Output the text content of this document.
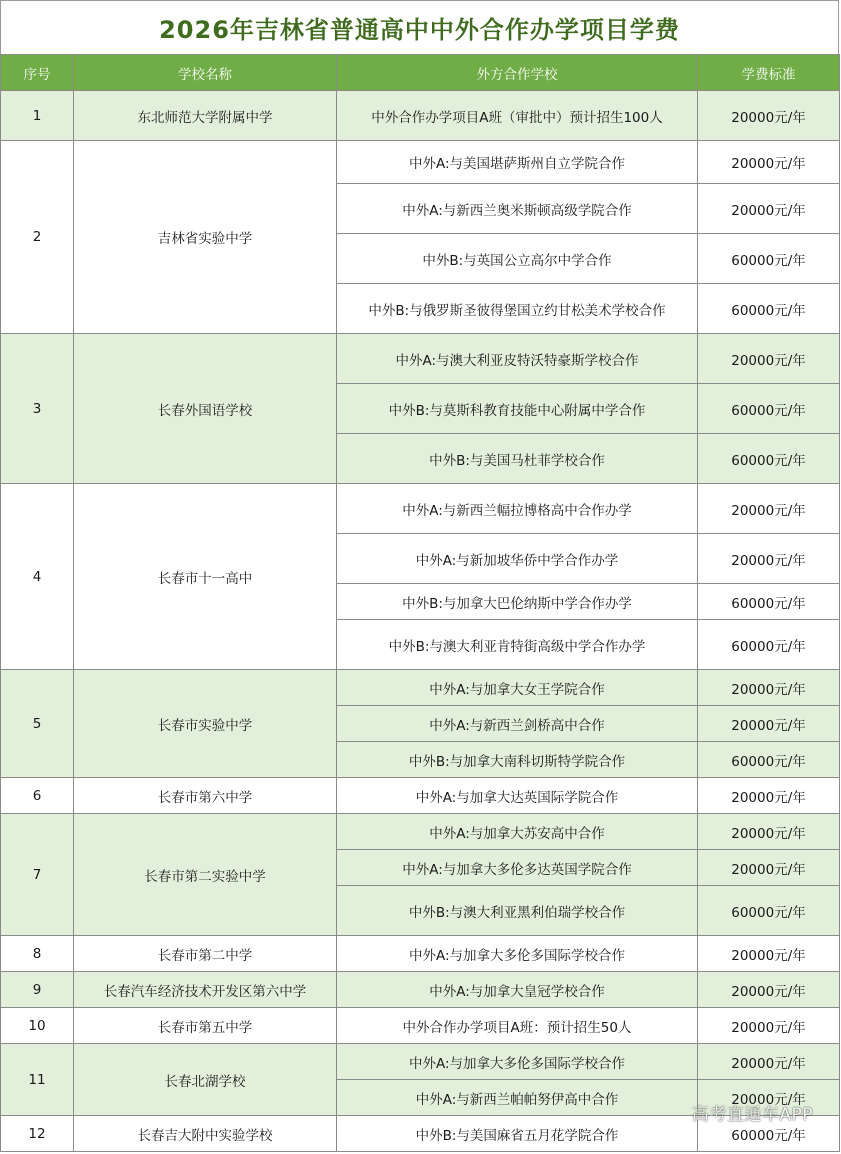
2026年吉林省普通高中中外合作办学项目学费
序号	学校名称	外方合作学校	学费标准
1	东北师范大学附属中学	中外合作办学项目A班（审批中）预计招生100人	20000元/年
2	吉林省实验中学	中外A:与美国堪萨斯州自立学院合作	20000元/年
		中外A:与新西兰奥米斯顿高级学院合作	20000元/年
		中外B:与英国公立高尔中学合作	60000元/年
		中外B:与俄罗斯圣彼得堡国立约甘松美术学校合作	60000元/年
3	长春外国语学校	中外A:与澳大利亚皮特沃特豪斯学校合作	20000元/年
		中外B:与莫斯科教育技能中心附属中学合作	60000元/年
		中外B:与美国马杜菲学校合作	60000元/年
4	长春市十一高中	中外A:与新西兰幅拉博格高中合作办学	20000元/年
		中外A:与新加坡华侨中学合作办学	20000元/年
		中外B:与加拿大巴伦纳斯中学合作办学	60000元/年
		中外B:与澳大利亚肯特街高级中学合作办学	60000元/年
5	长春市实验中学	中外A:与加拿大女王学院合作	20000元/年
		中外A:与新西兰剑桥高中合作	20000元/年
		中外B:与加拿大南科切斯特学院合作	60000元/年
6	长春市第六中学	中外A:与加拿大达英国际学院合作	20000元/年
7	长春市第二实验中学	中外A:与加拿大苏安高中合作	20000元/年
		中外A:与加拿大多伦多达英国学院合作	20000元/年
		中外B:与澳大利亚黑利伯瑞学校合作	60000元/年
8	长春市第二中学	中外A:与加拿大多伦多国际学校合作	20000元/年
9	长春汽车经济技术开发区第六中学	中外A:与加拿大皇冠学校合作	20000元/年
10	长春市第五中学	中外合作办学项目A班：预计招生50人	20000元/年
11	长春北湖学校	中外A:与加拿大多伦多国际学校合作	20000元/年
		中外A:与新西兰帕帕努伊高中合作	20000元/年
12	长春吉大附中实验学校	中外B:与美国麻省五月花学院合作	60000元/年
高考直通车APP
